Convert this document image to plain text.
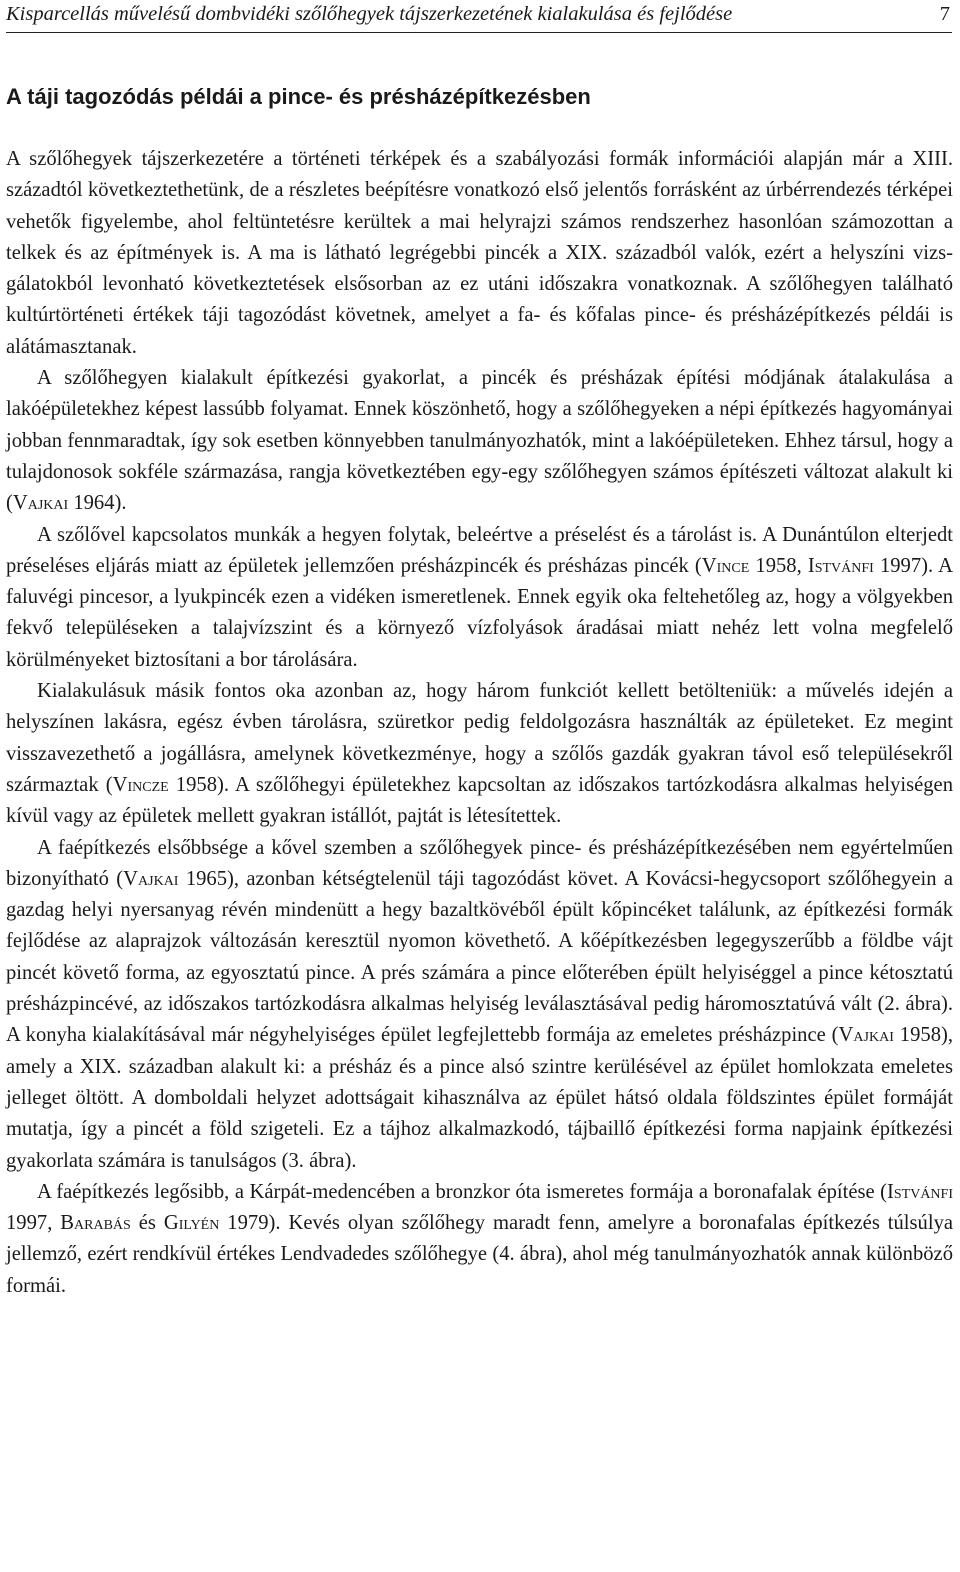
Kisparcellás művelésű dombvidéki szőlőhegyek tájszerkezetének kialakulása és fejlődése	7
A táji tagozódás példái a pince- és présházépítkezésben

A szőlőhegyek tájszerkezetére a történeti térképek és a szabályozási formák információi alapján már a XIII. századtól következtethetünk, de a részletes beépítésre vonatkozó első jelentős forrásként az úrbérrendezés térképei vehetők figyelembe, ahol feltüntetésre kerültek a mai helyrajzi számos rendszerhez hasonlóan számozottan a telkek és az építmények is. A ma is látható legrégebbi pincék a XIX. századból valók, ezért a helyszíni vizsgálatokból levonható következtetések elsősorban az ez utáni időszakra vonatkoznak. A szőlőhegyen található kultúrtörténeti értékek táji tagozódást követnek, amelyet a fa- és kőfalas pince- és présházépítkezés példái is alátámasztanak.

A szőlőhegyen kialakult építkezési gyakorlat, a pincék és présházak építési módjának átalakulása a lakóépületekhez képest lassúbb folyamat. Ennek köszönhető, hogy a szőlőhegyeken a népi építkezés hagyományai jobban fennmaradtak, így sok esetben könnyebben tanulmányozhatók, mint a lakóépületeken. Ehhez társul, hogy a tulajdonosok sokféle származása, rangja következtében egy-egy szőlőhegyen számos építészeti változat alakult ki (Vajkai 1964).

A szőlővel kapcsolatos munkák a hegyen folytak, beleértve a préselést és a tárolást is. A Dunántúlon elterjedt préseléses eljárás miatt az épületek jellemzően présházpincék és présházas pincék (Vince 1958, Istvánfi 1997). A faluvégi pincesor, a lyukpincék ezen a vidéken ismeretlenek. Ennek egyik oka feltehetőleg az, hogy a völgyekben fekvő településeken a talajvízszint és a környező vízfolyások áradásai miatt nehéz lett volna megfelelő körülményeket biztosítani a bor tárolására.

Kialakulásuk másik fontos oka azonban az, hogy három funkciót kellett betölteniük: a művelés idején a helyszínen lakásra, egész évben tárolásra, szüretkor pedig feldolgozásra használták az épületeket. Ez megint visszavezethető a jogállásra, amelynek következménye, hogy a szőlős gazdák gyakran távol eső településekről származtak (Vincze 1958). A szőlőhegyi épületekhez kapcsoltan az időszakos tartózkodásra alkalmas helyiségen kívül vagy az épületek mellett gyakran istállót, pajtát is létesítettek.

A faépítkezés elsőbbsége a kővel szemben a szőlőhegyek pince- és présházépítkezésében nem egyértelműen bizonyítható (Vajkai 1965), azonban kétségtelenül táji tagozódást követ. A Kovácsi-hegycsoport szőlőhegyein a gazdag helyi nyersanyag révén mindenütt a hegy bazaltkövéből épült kőpincéket találunk, az építkezési formák fejlődése az alaprajzok változásán keresztül nyomon követhető. A kőépítkezésben legegyszerűbb a földbe vájt pincét követő forma, az egyosztatú pince. A prés számára a pince előterében épült helyiséggel a pince kétosztatú présházpincévé, az időszakos tartózkodásra alkalmas helyiség leválasztásával pedig háromosztatúvá vált (2. ábra). A konyha kialakításával már négyhelyiséges épület legfejlettebb formája az emeletes présházpince (Vajkai 1958), amely a XIX. században alakult ki: a présház és a pince alsó szintre kerülésével az épület homlokzata emeletes jelleget öltött. A domboldali helyzet adottságait kihasználva az épület hátsó oldala földszintes épület formáját mutatja, így a pincét a föld szigeteli. Ez a tájhoz alkalmazkodó, tájbaillő építkezési forma napjaink építkezési gyakorlata számára is tanulságos (3. ábra).

A faépítkezés legősibb, a Kárpát-medencében a bronzkor óta ismeretes formája a boronafalak építése (Istvánfi 1997, Barabás és Gilyén 1979). Kevés olyan szőlőhegy maradt fenn, amelyre a boronafalas építkezés túlsúlya jellemző, ezért rendkívül értékes Lendvadedes szőlőhegye (4. ábra), ahol még tanulmányozhatók annak különböző formái.
